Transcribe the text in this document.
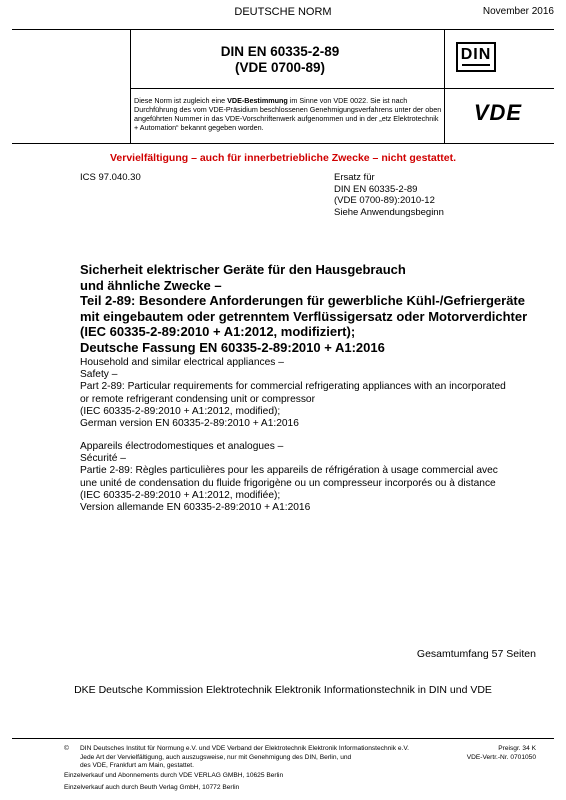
DEUTSCHE NORM	November 2016
DIN EN 60335-2-89
(VDE 0700-89)
DIN
Diese Norm ist zugleich eine VDE-Bestimmung im Sinne von VDE 0022. Sie ist nach Durchführung des vom VDE-Präsidium beschlossenen Genehmigungsverfahrens unter der oben angeführten Nummer in das VDE-Vorschriftenwerk aufgenommen und in der „etz Elektrotechnik + Automation“ bekannt gegeben worden.
VDE
Vervielfältigung – auch für innerbetriebliche Zwecke – nicht gestattet.
ICS 97.040.30	Ersatz für
DIN EN 60335-2-89
(VDE 0700-89):2010-12
Siehe Anwendungsbeginn
Sicherheit elektrischer Geräte für den Hausgebrauch
und ähnliche Zwecke –
Teil 2-89: Besondere Anforderungen für gewerbliche Kühl-/Gefriergeräte
mit eingebautem oder getrenntem Verflüssigersatz oder Motorverdichter
(IEC 60335-2-89:2010 + A1:2012, modifiziert);
Deutsche Fassung EN 60335-2-89:2010 + A1:2016
Household and similar electrical appliances –
Safety –
Part 2-89: Particular requirements for commercial refrigerating appliances with an incorporated
or remote refrigerant condensing unit or compressor
(IEC 60335-2-89:2010 + A1:2012, modified);
German version EN 60335-2-89:2010 + A1:2016
Appareils électrodomestiques et analogues –
Sécurité –
Partie 2-89: Règles particulières pour les appareils de réfrigération à usage commercial avec
une unité de condensation du fluide frigorigène ou un compresseur incorporés ou à distance
(IEC 60335-2-89:2010 + A1:2012, modifiée);
Version allemande EN 60335-2-89:2010 + A1:2016
Gesamtumfang 57 Seiten
DKE Deutsche Kommission Elektrotechnik Elektronik Informationstechnik in DIN und VDE
© DIN Deutsches Institut für Normung e.V. und VDE Verband der Elektrotechnik Elektronik Informationstechnik e.V.
Jede Art der Vervielfältigung, auch auszugsweise, nur mit Genehmigung des DIN, Berlin, und
des VDE, Frankfurt am Main, gestattet.
Preisgr. 34 K
VDE-Vertr.-Nr. 0701050
Einzelverkauf und Abonnements durch VDE VERLAG GMBH, 10625 Berlin
Einzelverkauf auch durch Beuth Verlag GmbH, 10772 Berlin
